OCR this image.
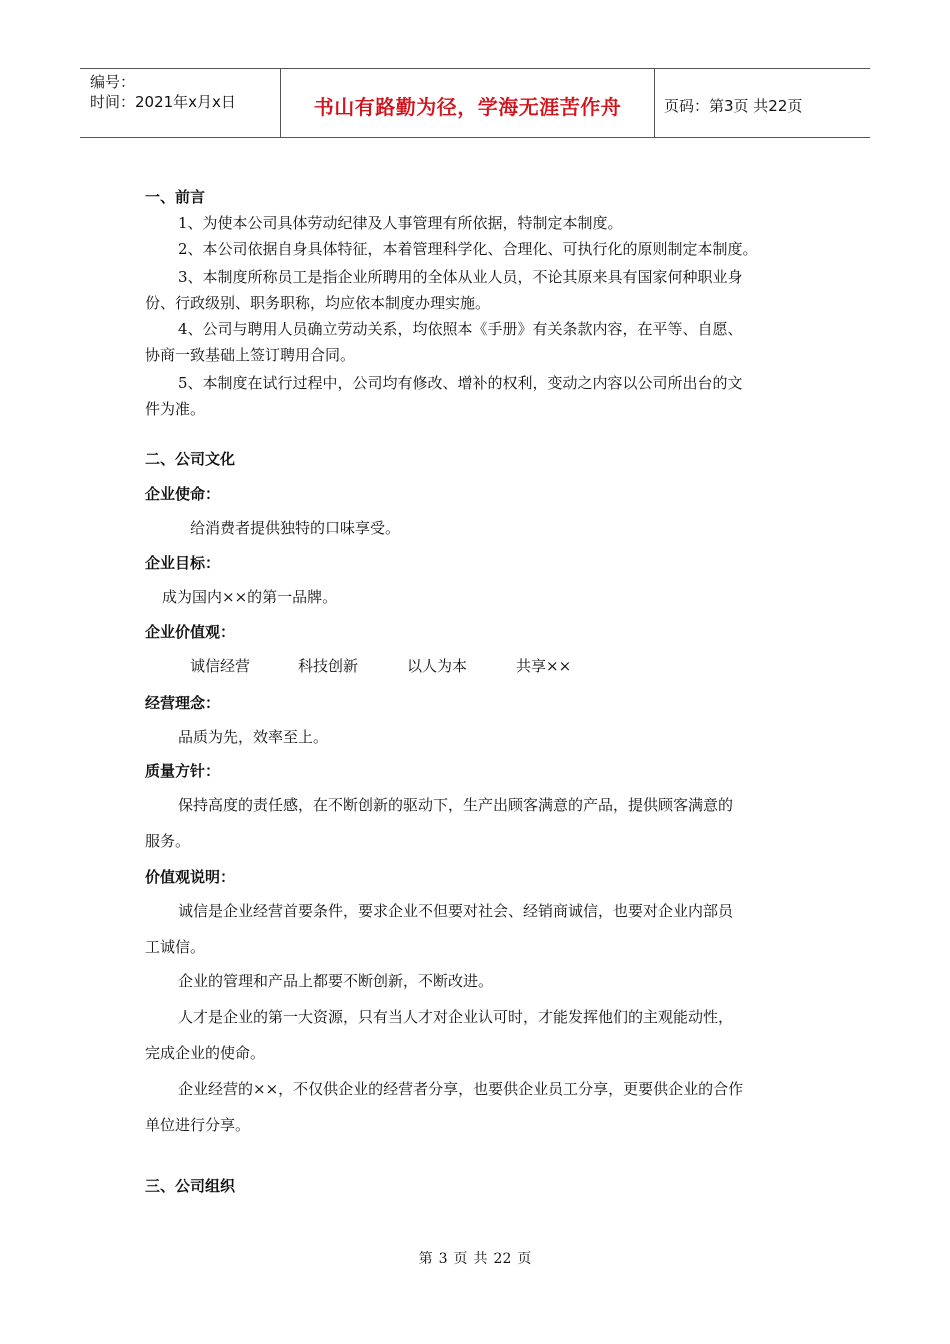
编号：
时间：2021年x月x日	书山有路勤为径，学海无涯苦作舟	页码：第3页 共22页
一、前言
1、为使本公司具体劳动纪律及人事管理有所依据，特制定本制度。
2、本公司依据自身具体特征，本着管理科学化、合理化、可执行化的原则制定本制度。
3、本制度所称员工是指企业所聘用的全体从业人员，不论其原来具有国家何种职业身
份、行政级别、职务职称，均应依本制度办理实施。
4、公司与聘用人员确立劳动关系，均依照本《手册》有关条款内容，在平等、自愿、
协商一致基础上签订聘用合同。
5、本制度在试行过程中，公司均有修改、增补的权利，变动之内容以公司所出台的文
件为准。
二、公司文化
企业使命：
给消费者提供独特的口味享受。
企业目标：
成为国内××的第一品牌。
企业价值观：
诚信经营	科技创新	以人为本	共享××
经营理念：
品质为先，效率至上。
质量方针：
保持高度的责任感，在不断创新的驱动下，生产出顾客满意的产品，提供顾客满意的
服务。
价值观说明：
诚信是企业经营首要条件，要求企业不但要对社会、经销商诚信，也要对企业内部员
工诚信。
企业的管理和产品上都要不断创新，不断改进。
人才是企业的第一大资源，只有当人才对企业认可时，才能发挥他们的主观能动性，
完成企业的使命。
企业经营的××，不仅供企业的经营者分享，也要供企业员工分享，更要供企业的合作
单位进行分享。
三、公司组织
第 3 页 共 22 页
